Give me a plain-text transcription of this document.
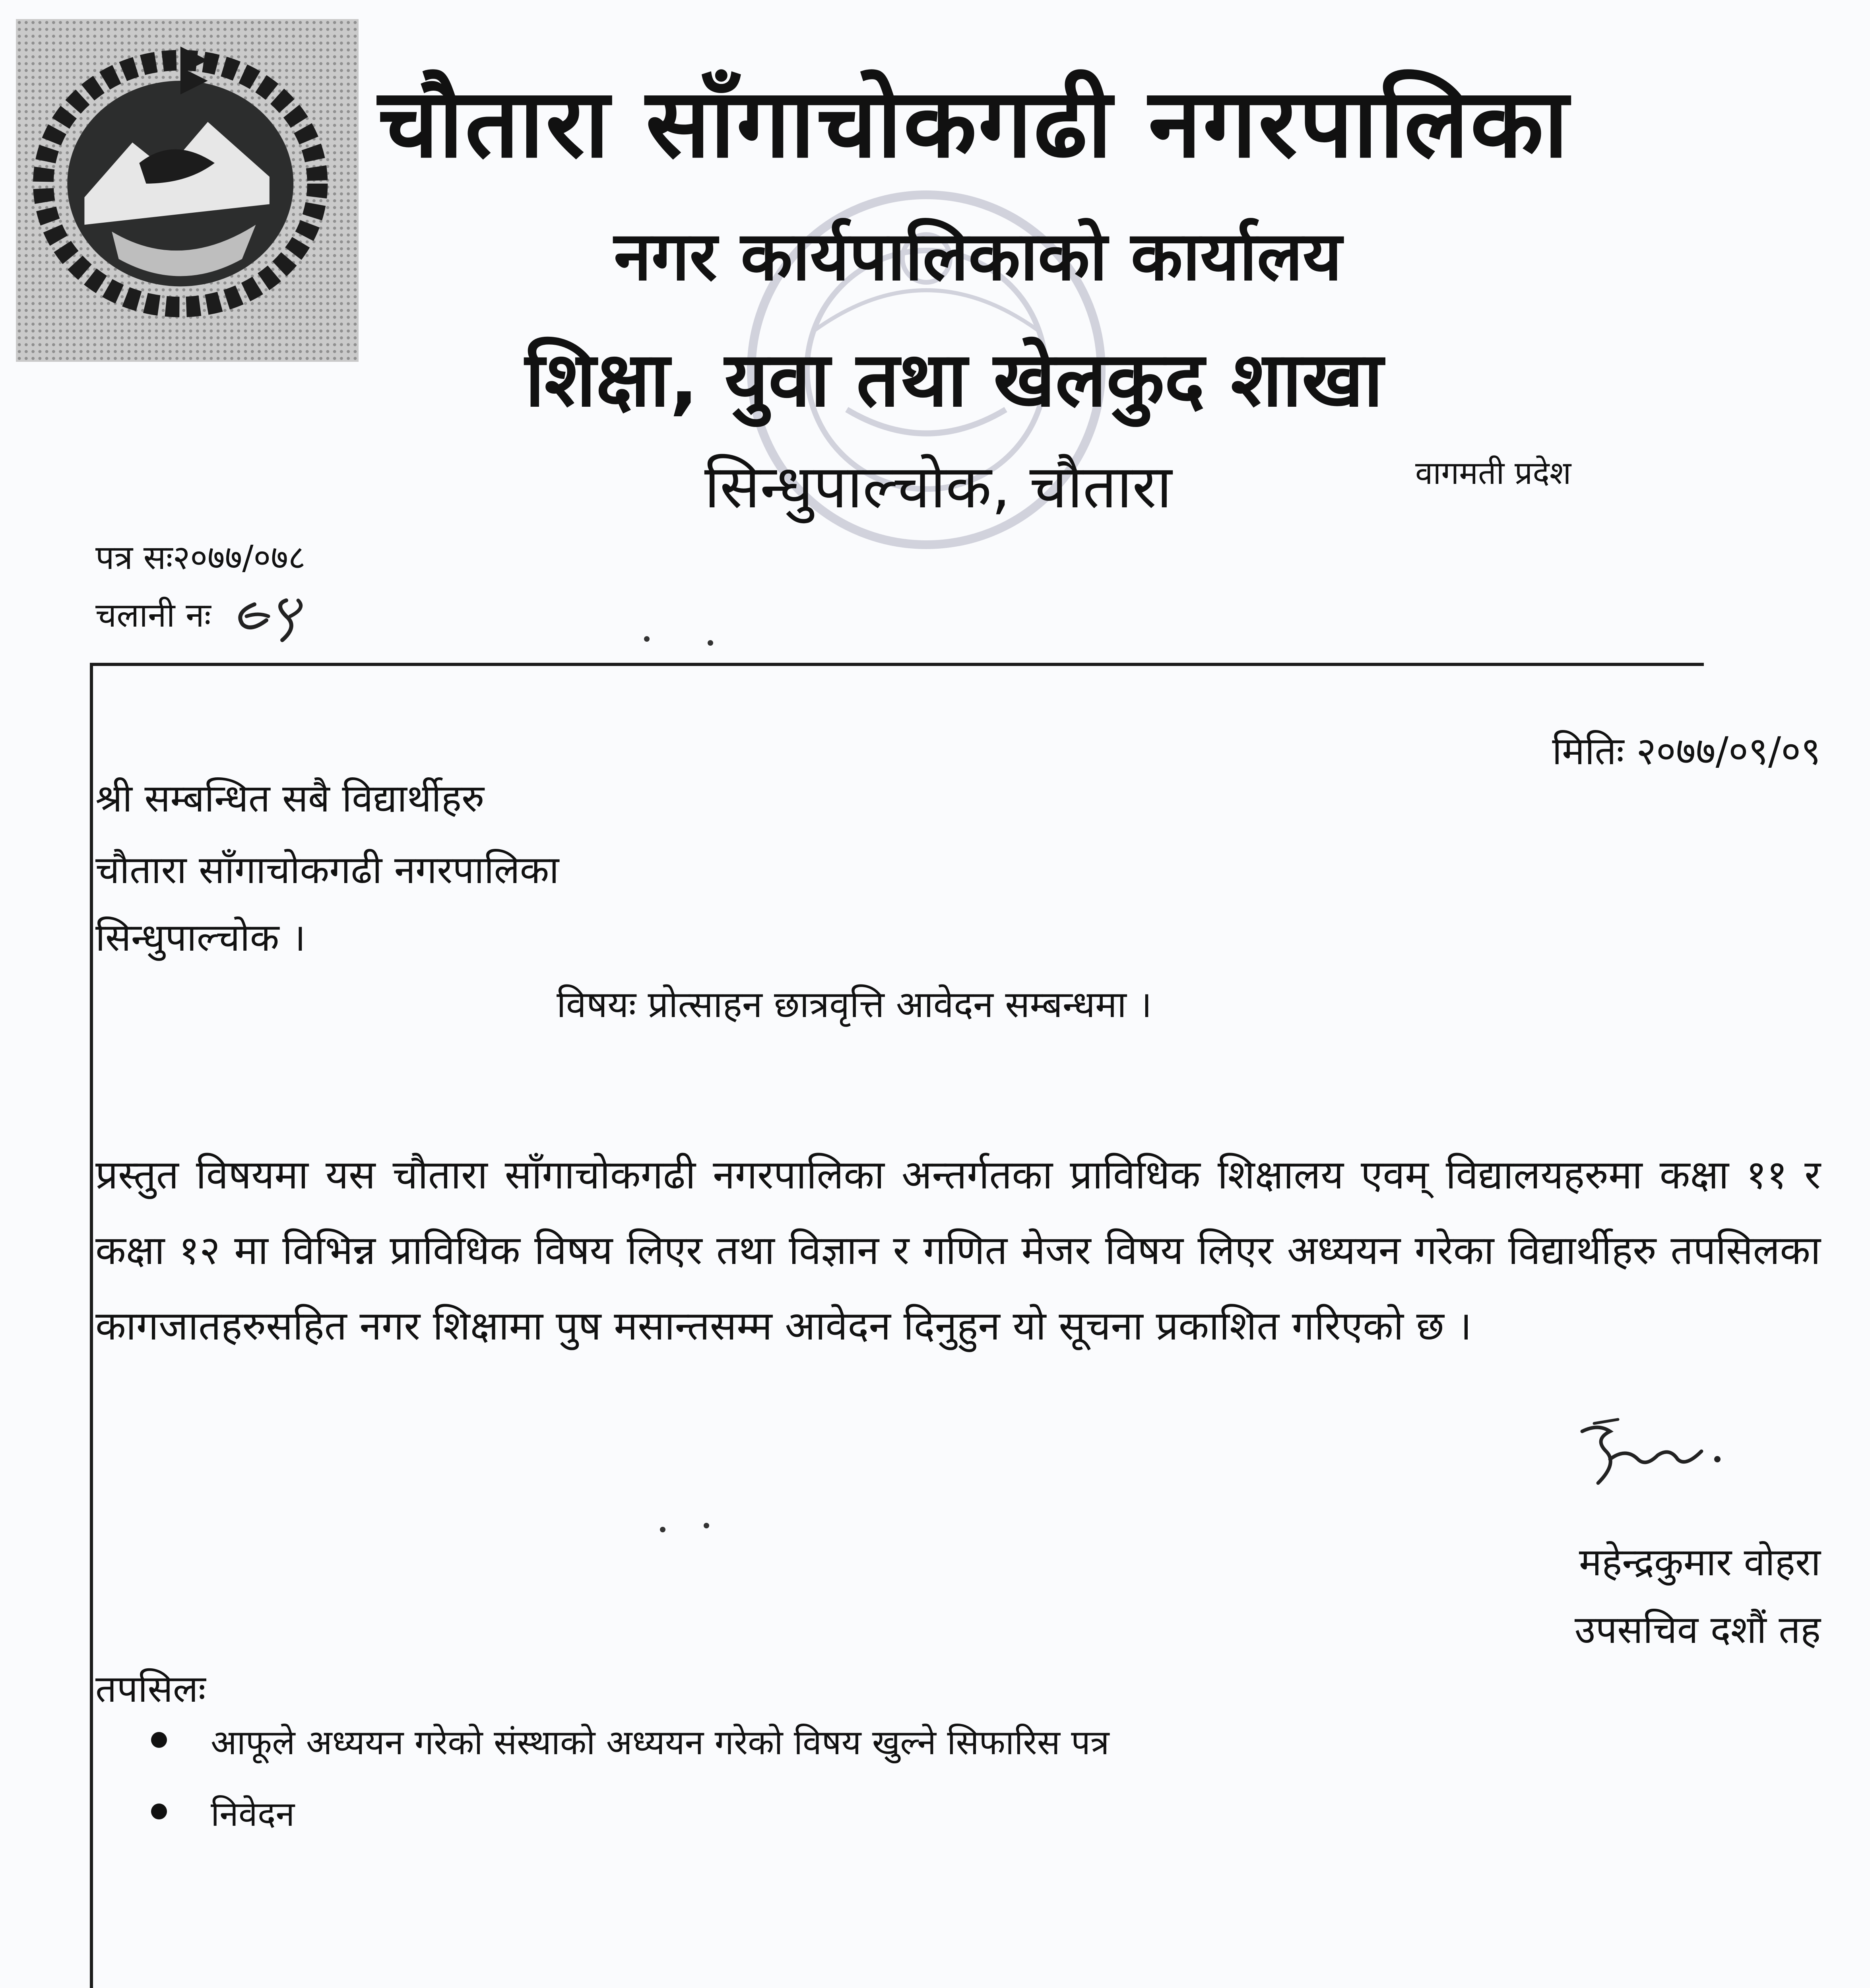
चौतारा साँगाचोकगढी नगरपालिका
नगर कार्यपालिकाको कार्यालय
शिक्षा, युवा तथा खेलकुद शाखा
सिन्धुपाल्चोक, चौतारा	वागमती प्रदेश
पत्र सः२०७७/०७८
चलानी नः
मितिः २०७७/०९/०९
श्री सम्बन्धित सबै विद्यार्थीहरु
चौतारा साँगाचोकगढी नगरपालिका
सिन्धुपाल्चोक ।
विषयः प्रोत्साहन छात्रवृत्ति आवेदन सम्बन्धमा ।
प्रस्तुत विषयमा यस चौतारा साँगाचोकगढी नगरपालिका अन्तर्गतका प्राविधिक शिक्षालय एवम् विद्यालयहरुमा कक्षा ११ र कक्षा १२ मा विभिन्न प्राविधिक विषय लिएर तथा विज्ञान र गणित मेजर विषय लिएर अध्ययन गरेका विद्यार्थीहरु तपसिलका कागजातहरुसहित नगर शिक्षामा पुष मसान्तसम्म आवेदन दिनुहुन यो सूचना प्रकाशित गरिएको छ ।
महेन्द्रकुमार वोहरा
उपसचिव दशौं तह
तपसिलः
आफूले अध्ययन गरेको संस्थाको अध्ययन गरेको विषय खुल्ने सिफारिस पत्र
निवेदन
